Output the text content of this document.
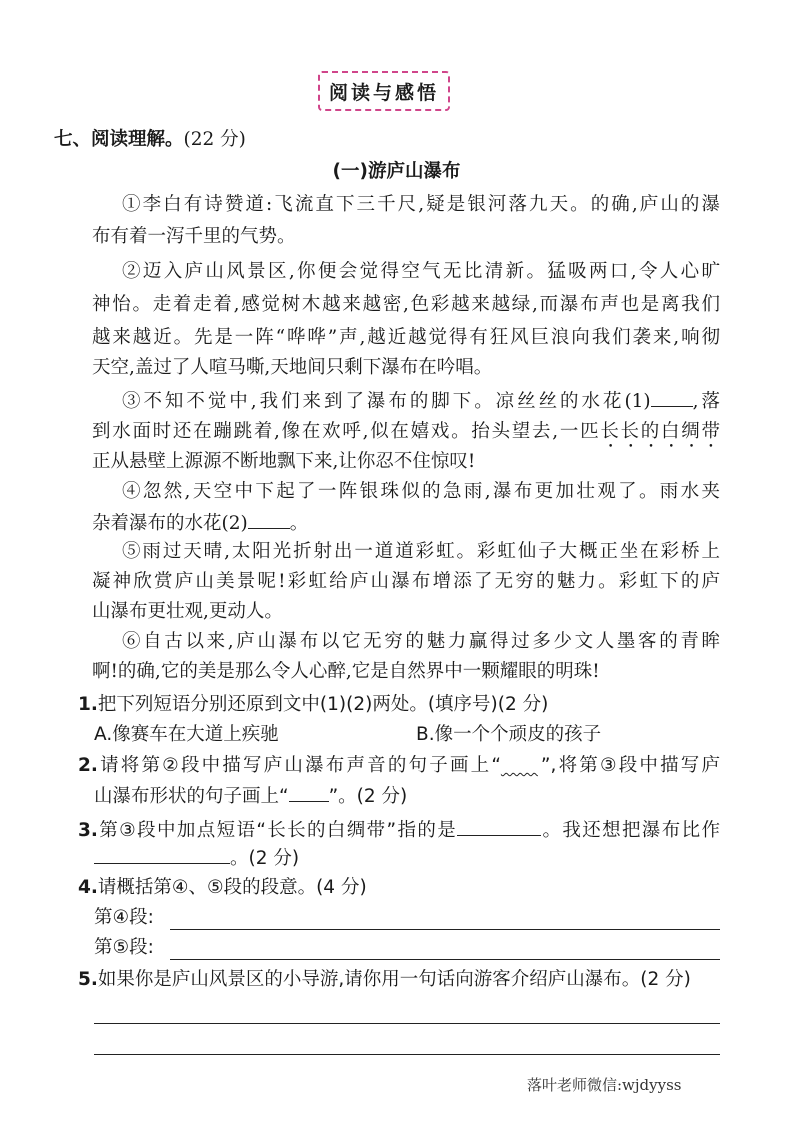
阅读与感悟
七、阅读理解。(22 分)
(一)游庐山瀑布
①李白有诗赞道:飞流直下三千尺,疑是银河落九天。的确,庐山的瀑
布有着一泻千里的气势。
②迈入庐山风景区,你便会觉得空气无比清新。猛吸两口,令人心旷
神怡。走着走着,感觉树木越来越密,色彩越来越绿,而瀑布声也是离我们
越来越近。先是一阵“哗哗”声,越近越觉得有狂风巨浪向我们袭来,响彻
天空,盖过了人喧马嘶,天地间只剩下瀑布在吟唱。
③不知不觉中,我们来到了瀑布的脚下。凉丝丝的水花(1) ,落
到水面时还在蹦跳着,像在欢呼,似在嬉戏。抬头望去,一匹长长的白绸带
正从悬壁上源源不断地飘下来,让你忍不住惊叹!
④忽然,天空中下起了一阵银珠似的急雨,瀑布更加壮观了。雨水夹
杂着瀑布的水花(2) 。
⑤雨过天晴,太阳光折射出一道道彩虹。彩虹仙子大概正坐在彩桥上
凝神欣赏庐山美景呢!彩虹给庐山瀑布增添了无穷的魅力。彩虹下的庐
山瀑布更壮观,更动人。
⑥自古以来,庐山瀑布以它无穷的魅力赢得过多少文人墨客的青眸
啊!的确,它的美是那么令人心醉,它是自然界中一颗耀眼的明珠!
1.把下列短语分别还原到文中(1)(2)两处。(填序号)(2 分)
A.像赛车在大道上疾驰	B.像一个个顽皮的孩子
2.请将第②段中描写庐山瀑布声音的句子画上“   ”,将第③段中描写庐
山瀑布形状的句子画上“ ”。(2 分)
3.第③段中加点短语“长长的白绸带”指的是	。我还想把瀑布比作
。(2 分)
4.请概括第④、⑤段的段意。(4 分)
第④段:
第⑤段:
5.如果你是庐山风景区的小导游,请你用一句话向游客介绍庐山瀑布。(2 分)
落叶老师微信:wjdyyss
